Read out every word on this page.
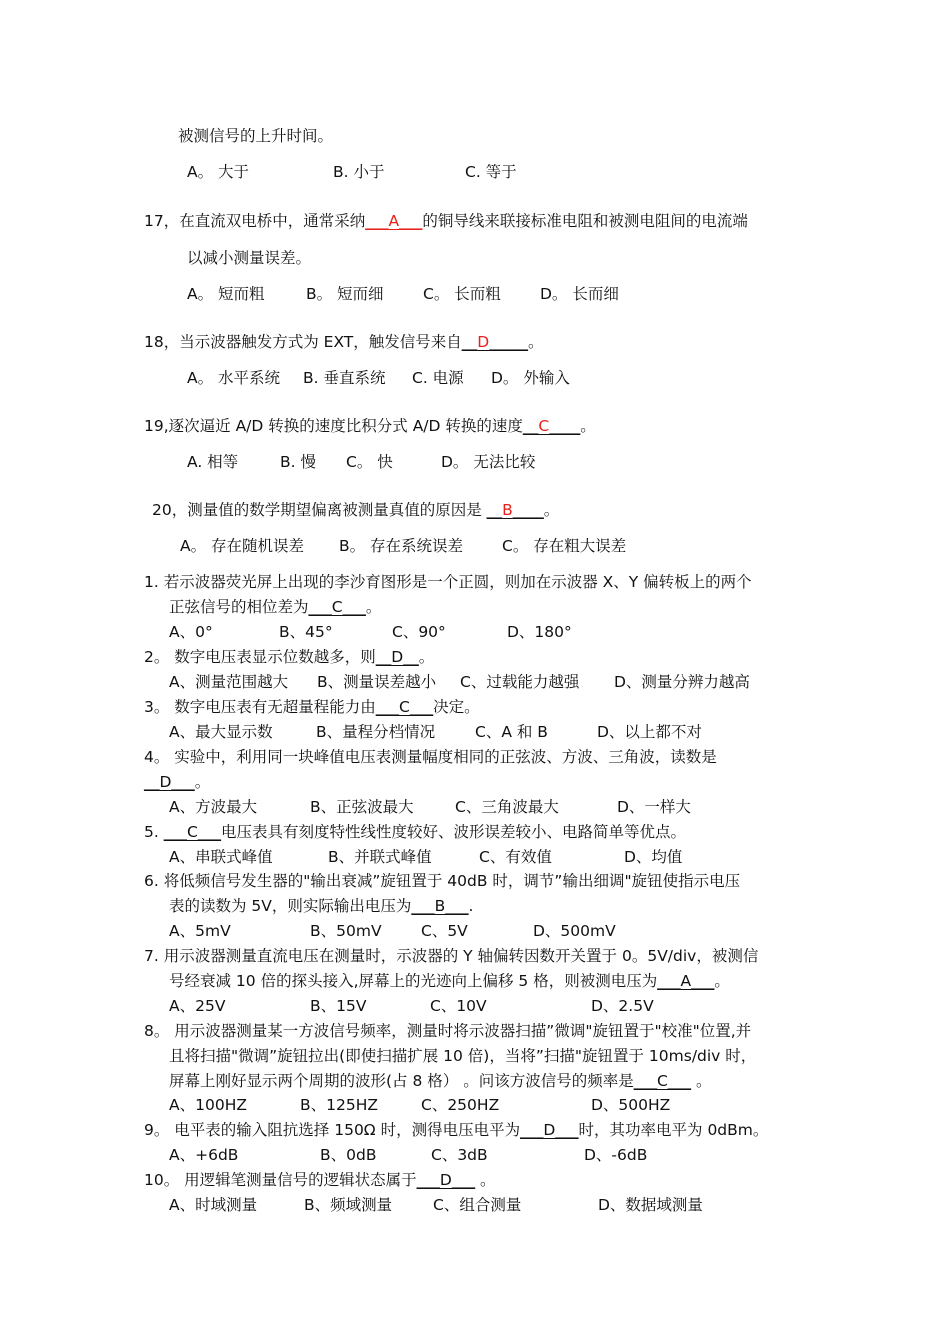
被测信号的上升时间。
A。 大于	B. 小于	C. 等于
17，在直流双电桥中，通常采纳___A___的铜导线来联接标准电阻和被测电阻间的电流端
以减小测量误差。
A。 短而粗	B。 短而细	C。 长而粗	D。 长而细
18，当示波器触发方式为 EXT，触发信号来自__D_____。
A。 水平系统 B. 垂直系统 C. 电源 D。 外输入
19,逐次逼近 A/D 转换的速度比积分式 A/D 转换的速度__C____。
A. 相等	B. 慢 C。 快	D。 无法比较
20，测量值的数学期望偏离被测量真值的原因是 __B____。
A。 存在随机误差 B。 存在系统误差	C。 存在粗大误差
1. 若示波器荧光屏上出现的李沙育图形是一个正圆，则加在示波器 X、Y 偏转板上的两个
正弦信号的相位差为___C___。
A、0°	B、45°	C、90°	D、180°
2。 数字电压表显示位数越多，则__D__。
A、测量范围越大 B、测量误差越小 C、过载能力越强 D、测量分辨力越高
3。 数字电压表有无超量程能力由___C___决定。
A、最大显示数	B、量程分档情况	C、A 和 B	D、以上都不对
4。 实验中，利用同一块峰值电压表测量幅度相同的正弦波、方波、三角波，读数是
__D___。
A、方波最大	B、正弦波最大	C、三角波最大	D、一样大
5. ___C___电压表具有刻度特性线性度较好、波形误差较小、电路简单等优点。
A、串联式峰值	B、并联式峰值	C、有效值	D、均值
6. 将低频信号发生器的"输出衰减”旋钮置于 40dB 时，调节”输出细调"旋钮使指示电压
表的读数为 5V，则实际输出电压为___B___.
A、5mV	B、50mV	C、5V	D、500mV
7. 用示波器测量直流电压在测量时，示波器的 Y 轴偏转因数开关置于 0。5V/div，被测信
号经衰减 10 倍的探头接入,屏幕上的光迹向上偏移 5 格，则被测电压为___A___。
A、25V	B、15V	C、10V	D、2.5V
8。 用示波器测量某一方波信号频率，测量时将示波器扫描”微调"旋钮置于"校准"位置,并
且将扫描"微调”旋钮拉出(即使扫描扩展 10 倍)，当将”扫描"旋钮置于 10ms/div 时，
屏幕上刚好显示两个周期的波形(占 8 格） 。问该方波信号的频率是___C___ 。
A、100HZ	B、125HZ	C、250HZ	D、500HZ
9。 电平表的输入阻抗选择 150Ω 时，测得电压电平为___D___时，其功率电平为 0dBm。
A、+6dB	B、0dB	C、3dB	D、-6dB
10。 用逻辑笔测量信号的逻辑状态属于___D___ 。
A、时域测量	B、频域测量	C、组合测量	D、数据域测量
